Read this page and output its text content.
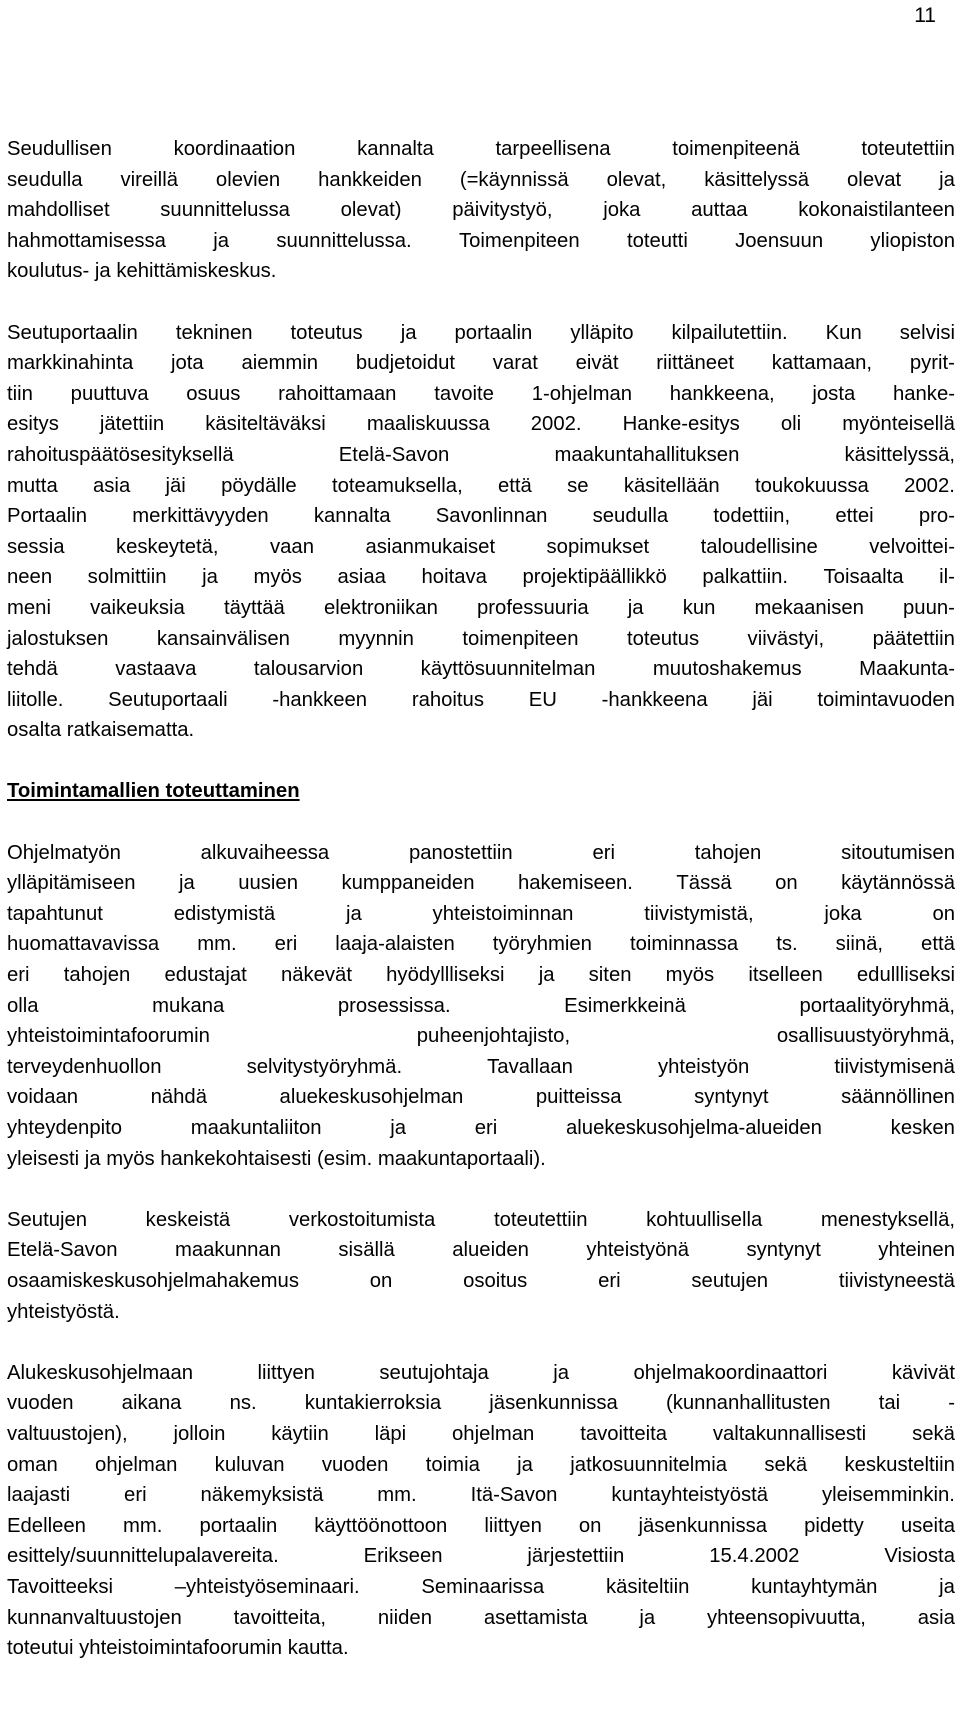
11
Seudullisen	koordinaation	kannalta	tarpeellisena	toimenpiteenä	toteutettiin
seudulla vireillä olevien hankkeiden (=käynnissä olevat, käsittelyssä olevat ja
mahdolliset suunnittelussa olevat) päivitystyö, joka auttaa kokonaistilanteen
hahmottamisessa ja suunnittelussa. Toimenpiteen toteutti Joensuun yliopiston
koulutus- ja kehittämiskeskus.
Seutuportaalin tekninen toteutus ja portaalin ylläpito kilpailutettiin. Kun selvisi
markkinahinta jota aiemmin budjetoidut varat eivät riittäneet kattamaan, pyrit-
tiin puuttuva osuus rahoittamaan tavoite 1-ohjelman hankkeena, josta hanke-
esitys jätettiin käsiteltäväksi maaliskuussa 2002. Hanke-esitys oli myönteisellä
rahoituspäätösesityksellä	Etelä-Savon	maakuntahallituksen	käsittelyssä,
mutta asia jäi pöydälle toteamuksella, että se käsitellään toukokuussa 2002.
Portaalin merkittävyyden kannalta Savonlinnan seudulla todettiin, ettei pro-
sessia	keskeytetä,	vaan	asianmukaiset	sopimukset	taloudellisine	velvoittei-
neen solmittiin ja myös asiaa hoitava projektipäällikkö palkattiin. Toisaalta il-
meni vaikeuksia täyttää elektroniikan professuuria ja kun mekaanisen puun-
jalostuksen kansainvälisen myynnin toimenpiteen toteutus viivästyi, päätettiin
tehdä	vastaava	talousarvion	käyttösuunnitelman	muutoshakemus	Maakunta-
liitolle. Seutuportaali -hankkeen rahoitus EU -hankkeena jäi toimintavuoden
osalta ratkaisematta.
Toimintamallien toteuttaminen
Ohjelmatyön	alkuvaiheessa	panostettiin	eri	tahojen	sitoutumisen
ylläpitämiseen ja uusien kumppaneiden hakemiseen. Tässä on käytännössä
tapahtunut	edistymistä	ja	yhteistoiminnan	tiivistymistä,	joka	on
huomattavavissa mm. eri laaja-alaisten työryhmien toiminnassa ts. siinä, että
eri tahojen edustajat näkevät hyödyllliseksi ja siten myös itselleen edullliseksi
olla	mukana	prosessissa.	Esimerkkeinä	portaalityöryhmä,
yhteistoimintafoorumin	puheenjohtajisto,	osallisuustyöryhmä,
terveydenhuollon	selvitystyöryhmä.	Tavallaan	yhteistyön	tiivistymisenä
voidaan	nähdä	aluekeskusohjelman	puitteissa	syntynyt	säännöllinen
yhteydenpito	maakuntaliiton	ja	eri	aluekeskusohjelma-alueiden	kesken
yleisesti ja myös hankekohtaisesti (esim. maakuntaportaali).
Seutujen	keskeistä	verkostoitumista	toteutettiin	kohtuullisella	menestyksellä,
Etelä-Savon	maakunnan	sisällä	alueiden	yhteistyönä	syntynyt	yhteinen
osaamiskeskusohjelmahakemus	on	osoitus	eri	seutujen	tiivistyneestä
yhteistyöstä.
Alukeskusohjelmaan	liittyen	seutujohtaja	ja	ohjelmakoordinaattori	kävivät
vuoden aikana ns. kuntakierroksia jäsenkunnissa (kunnanhallitusten tai -
valtuustojen), jolloin käytiin läpi ohjelman tavoitteita valtakunnallisesti sekä
oman ohjelman kuluvan vuoden toimia ja jatkosuunnitelmia sekä keskusteltiin
laajasti	eri	näkemyksistä	mm.	Itä-Savon	kuntayhteistyöstä	yleisemminkin.
Edelleen mm. portaalin käyttöönottoon liittyen on jäsenkunnissa pidetty useita
esittely/suunnittelupalavereita.	Erikseen	järjestettiin	15.4.2002	Visiosta
Tavoitteeksi	–yhteistyöseminaari.	Seminaarissa	käsiteltiin	kuntayhtymän	ja
kunnanvaltuustojen	tavoitteita,	niiden	asettamista	ja	yhteensopivuutta,	asia
toteutui yhteistoimintafoorumin kautta.
